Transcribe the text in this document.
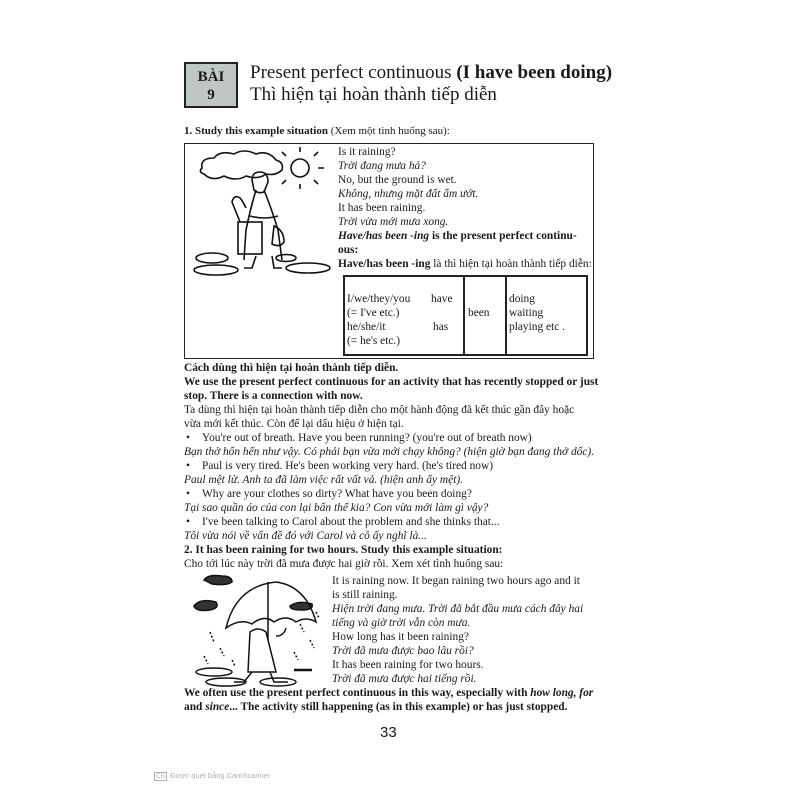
BÀI
9
Present perfect continuous (I have been doing)
Thì hiện tại hoàn thành tiếp diễn
1. Study this example situation (Xem một tình huống sau):
Is it raining?
Trời đang mưa hả?
No, but the ground is wet.
Không, nhưng mặt đất ẩm ướt.
It has been raining.
Trời vừa mới mưa xong.
Have/has been -ing is the present perfect continu-
ous:
Have/has been -ing là thì hiện tại hoàn thành tiếp diễn:
I/we/they/you
(= I've etc.)
he/she/it
(= he's etc.)
have
has
been
doing
waiting
playing etc .
Cách dùng thì hiện tại hoàn thành tiếp diễn.
We use the present perfect continuous for an activity that has recently stopped or just
stop. There is a connection with now.
Ta dùng thì hiện tại hoàn thành tiếp diễn cho một hành động đã kết thúc gần đây hoặc
vừa mới kết thúc. Còn để lại dấu hiệu ở hiện tại.
• You're out of breath. Have you been running? (you're out of breath now)
Bạn thở hổn hển như vậy. Có phải bạn vừa mới chạy không? (hiện giờ bạn đang thở dốc).
• Paul is very tired. He's been working very hard. (he's tired now)
Paul mệt lử. Anh ta đã làm việc rất vất vả. (hiện anh ấy mệt).
• Why are your clothes so dirty? What have you been doing?
Tại sao quần áo của con lại bẩn thế kia? Con vừa mới làm gì vậy?
• I've been talking to Carol about the problem and she thinks that...
Tôi vừa nói về vấn đề đó với Carol và cô ấy nghĩ là...
2. It has been raining for two hours. Study this example situation:
Cho tới lúc này trời đã mưa được hai giờ rồi. Xem xét tình huống sau:
It is raining now. It began raining two hours ago and it
is still raining.
Hiện trời đang mưa. Trời đã bắt đầu mưa cách đây hai
tiếng và giờ trời vẫn còn mưa.
How long has it been raining?
Trời đã mưa được bao lâu rồi?
It has been raining for two hours.
Trời đã mưa được hai tiếng rồi.
We often use the present perfect continuous in this way, especially with how long, for
and since... The activity still happening (as in this example) or has just stopped.
33
CS Được quét bằng CamScanner
